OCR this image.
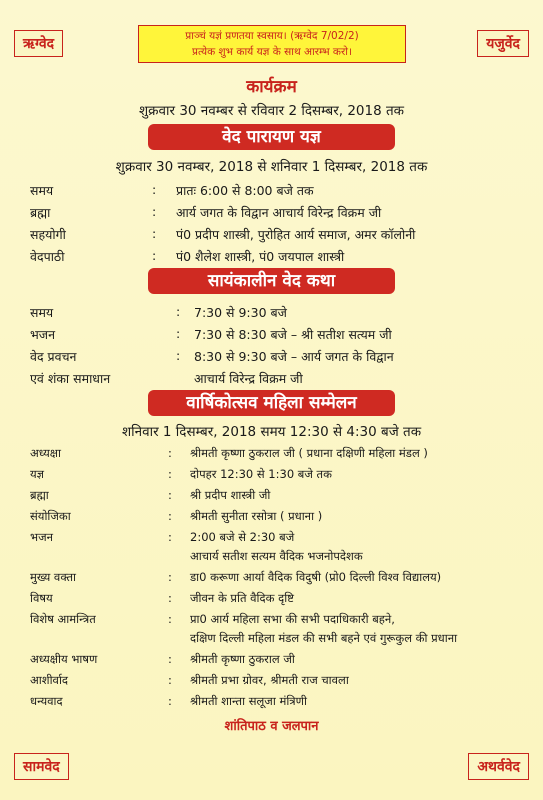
ऋग्वेद	यजुर्वेद
प्राञ्चं यज्ञं प्रणतया स्वसाय। (ऋग्वेद 7/02/2)
प्रत्येक शुभ कार्य यज्ञ के साथ आरम्भ करो।
कार्यक्रम
शुक्रवार 30 नवम्बर से रविवार 2 दिसम्बर, 2018 तक
वेद पारायण यज्ञ
शुक्रवार 30 नवम्बर, 2018 से शनिवार 1 दिसम्बर, 2018 तक
समय	: प्रातः 6:00 से 8:00 बजे तक
ब्रह्मा	: आर्य जगत के विद्वान आचार्य विरेन्द्र विक्रम जी
सहयोगी	: पं0 प्रदीप शास्त्री, पुरोहित आर्य समाज, अमर कॉलोनी
वेदपाठी	: पं0 शैलेश शास्त्री, पं0 जयपाल शास्त्री
सायंकालीन वेद कथा
समय	: 7:30 से 9:30 बजे
भजन	: 7:30 से 8:30 बजे – श्री सतीश सत्यम जी
वेद प्रवचन	: 8:30 से 9:30 बजे – आर्य जगत के विद्वान
एवं शंका समाधान	आचार्य विरेन्द्र विक्रम जी
वार्षिकोत्सव महिला सम्मेलन
शनिवार 1 दिसम्बर, 2018 समय 12:30 से 4:30 बजे तक
अध्यक्षा	: श्रीमती कृष्णा ठुकराल जी ( प्रधाना दक्षिणी महिला मंडल )
यज्ञ	: दोपहर 12:30 से 1:30 बजे तक
ब्रह्मा	: श्री प्रदीप शास्त्री जी
संयोजिका	: श्रीमती सुनीता रसोत्रा ( प्रधाना )
भजन	: 2:00 बजे से 2:30 बजे
आचार्य सतीश सत्यम वैदिक भजनोपदेशक
मुख्य वक्ता	: डा0 करूणा आर्या वैदिक विदुषी (प्रो0 दिल्ली विश्व विद्यालय)
विषय	: जीवन के प्रति वैदिक दृष्टि
विशेष आमन्त्रित	: प्रा0 आर्य महिला सभा की सभी पदाधिकारी बहने,
दक्षिण दिल्ली महिला मंडल की सभी बहने एवं गुरूकुल की प्रधाना
अध्यक्षीय भाषण	: श्रीमती कृष्णा ठुकराल जी
आशीर्वाद	: श्रीमती प्रभा ग्रोवर, श्रीमती राज चावला
धन्यवाद	: श्रीमती शान्ता सलूजा मंत्रिणी
शांतिपाठ व जलपान
सामवेद	अथर्ववेद
